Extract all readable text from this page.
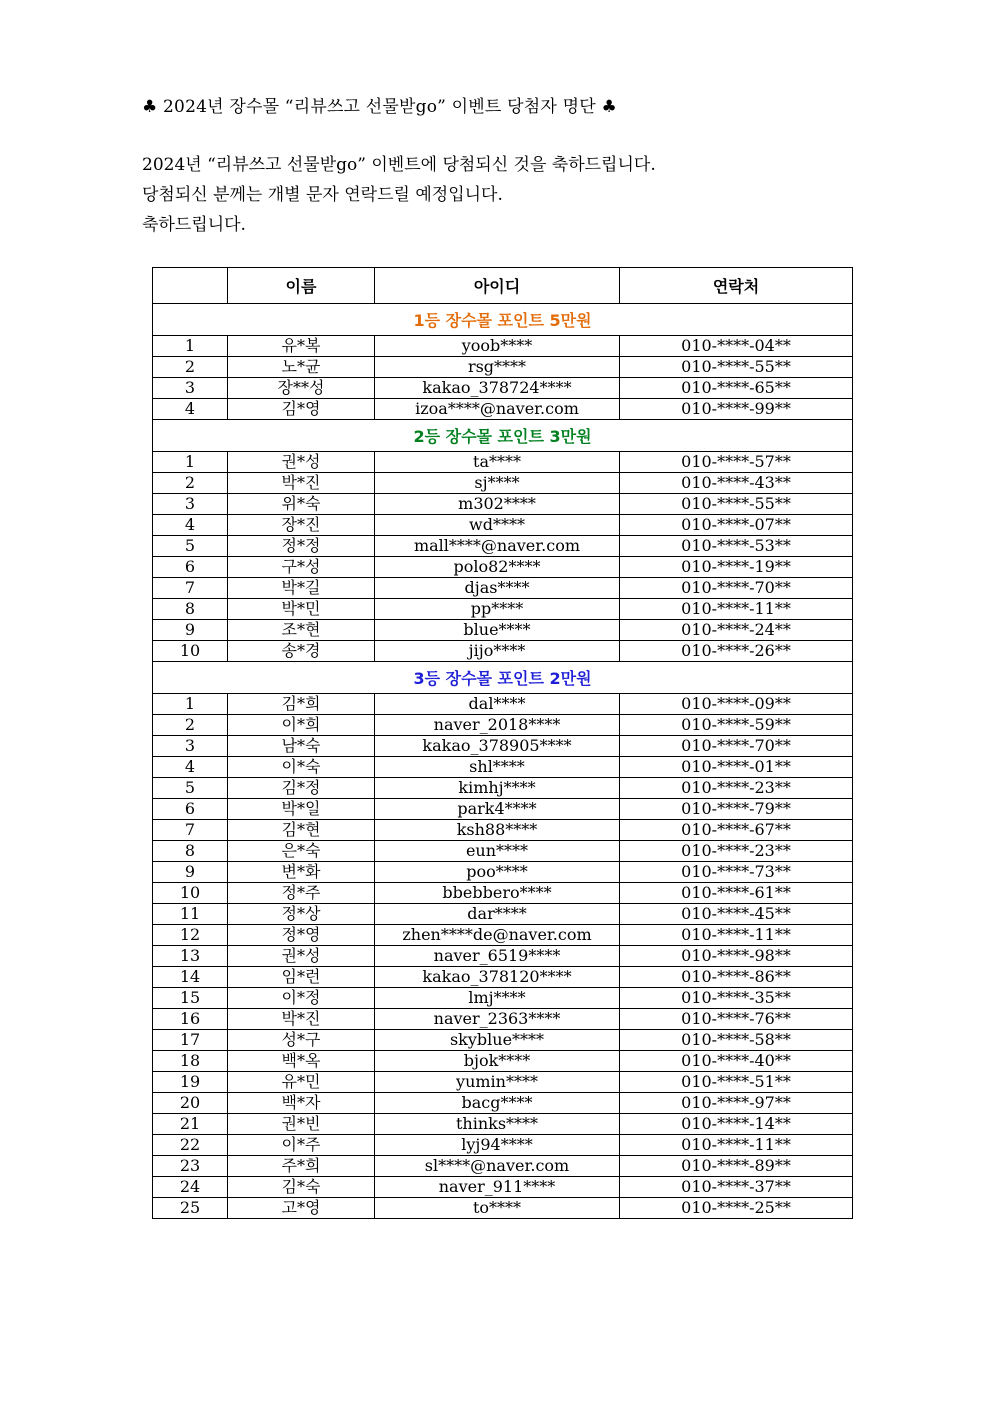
♣ 2024년 장수몰 “리뷰쓰고 선물받go” 이벤트 당첨자 명단 ♣
2024년 “리뷰쓰고 선물받go” 이벤트에 당첨되신 것을 축하드립니다.
당첨되신 분께는 개별 문자 연락드릴 예정입니다.
축하드립니다.
	이름	아이디	연락처
1등 장수몰 포인트 5만원			
1	유*복	yoob****	010-****-04**
2	노*균	rsg****	010-****-55**
3	장**성	kakao_378724****	010-****-65**
4	김*영	izoa****@naver.com	010-****-99**
2등 장수몰 포인트 3만원			
1	권*성	ta****	010-****-57**
2	박*진	sj****	010-****-43**
3	위*숙	m302****	010-****-55**
4	장*진	wd****	010-****-07**
5	정*정	mall****@naver.com	010-****-53**
6	구*성	polo82****	010-****-19**
7	박*길	djas****	010-****-70**
8	박*민	pp****	010-****-11**
9	조*현	blue****	010-****-24**
10	송*경	jijo****	010-****-26**
3등 장수몰 포인트 2만원			
1	김*희	dal****	010-****-09**
2	이*희	naver_2018****	010-****-59**
3	남*숙	kakao_378905****	010-****-70**
4	이*숙	shl****	010-****-01**
5	김*정	kimhj****	010-****-23**
6	박*일	park4****	010-****-79**
7	김*현	ksh88****	010-****-67**
8	은*숙	eun****	010-****-23**
9	변*화	poo****	010-****-73**
10	정*주	bbebbero****	010-****-61**
11	정*상	dar****	010-****-45**
12	정*영	zhen****de@naver.com	010-****-11**
13	권*성	naver_6519****	010-****-98**
14	임*런	kakao_378120****	010-****-86**
15	이*정	lmj****	010-****-35**
16	박*진	naver_2363****	010-****-76**
17	성*구	skyblue****	010-****-58**
18	백*옥	bjok****	010-****-40**
19	유*민	yumin****	010-****-51**
20	백*자	bacg****	010-****-97**
21	권*빈	thinks****	010-****-14**
22	이*주	lyj94****	010-****-11**
23	주*희	sl****@naver.com	010-****-89**
24	김*숙	naver_911****	010-****-37**
25	고*영	to****	010-****-25**
